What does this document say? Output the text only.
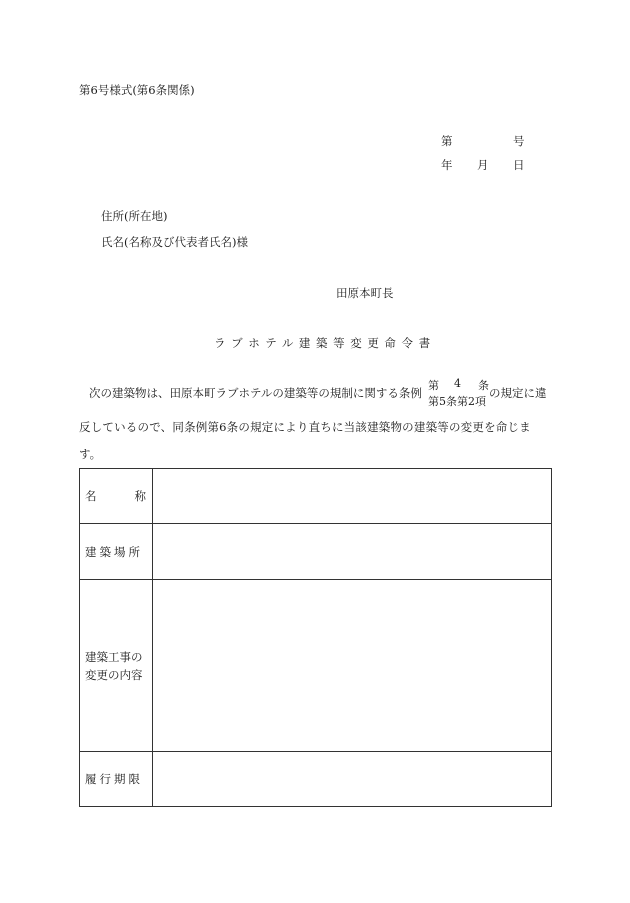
第6号様式(第6条関係)
第	号
年 月 日
住所(所在地)
氏名(名称及び代表者氏名)様
田原本町長
ラブホテル建築等変更命令書
次の建築物は、田原本町ラブホテルの建築等の規制に関する条例
第 4 条
第5条第2項
の規定に違
反しているので、同条例第6条の規定により直ちに当該建築物の建築等の変更を命じま
す。
名 称	

建築場所	

建築工事の
変更の内容	

履行期限	
